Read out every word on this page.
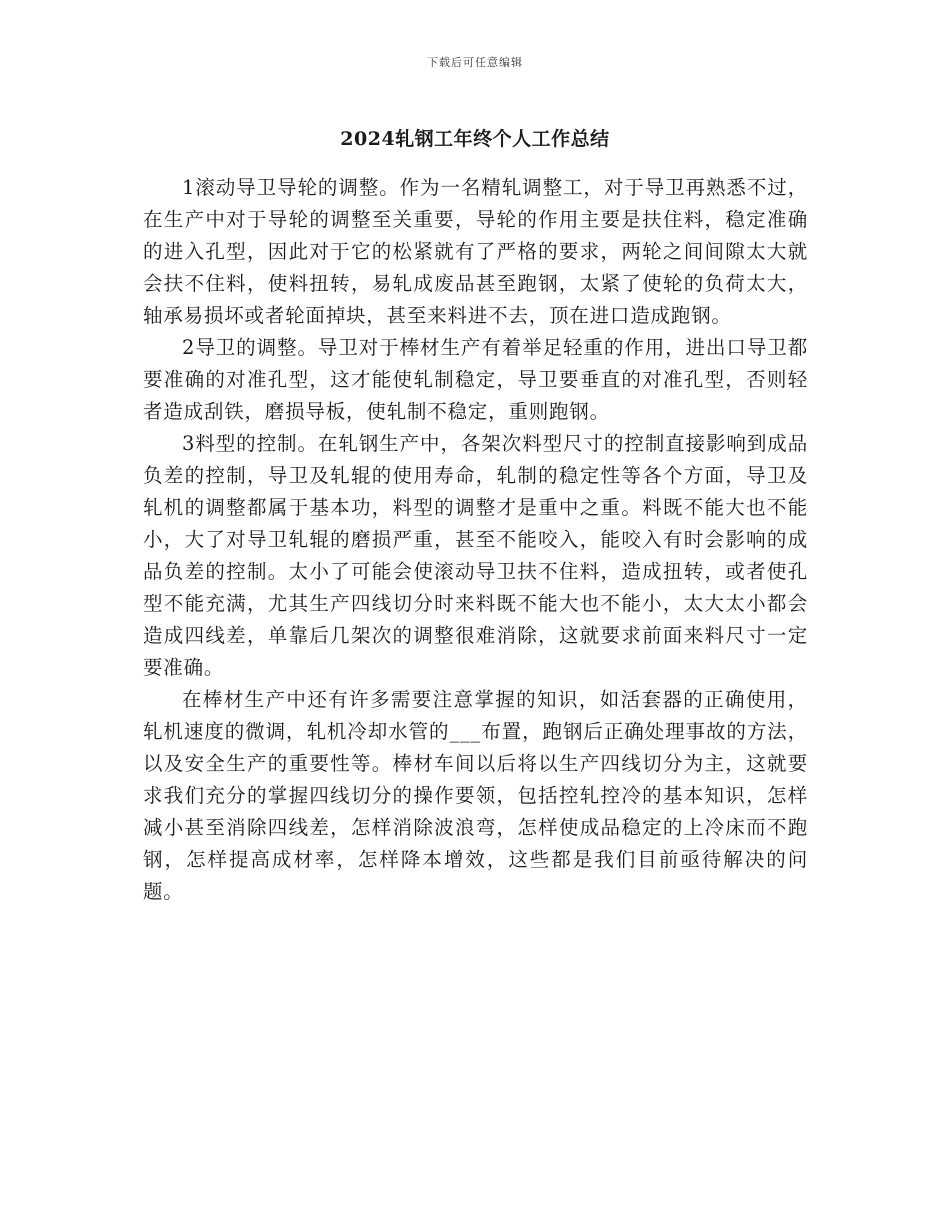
下载后可任意编辑
2024轧钢工年终个人工作总结

1滚动导卫导轮的调整。作为一名精轧调整工，对于导卫再熟悉不过，在生产中对于导轮的调整至关重要，导轮的作用主要是扶住料，稳定准确的进入孔型，因此对于它的松紧就有了严格的要求，两轮之间间隙太大就会扶不住料，使料扭转，易轧成废品甚至跑钢，太紧了使轮的负荷太大，轴承易损坏或者轮面掉块，甚至来料进不去，顶在进口造成跑钢。

2导卫的调整。导卫对于棒材生产有着举足轻重的作用，进出口导卫都要准确的对准孔型，这才能使轧制稳定，导卫要垂直的对准孔型，否则轻者造成刮铁，磨损导板，使轧制不稳定，重则跑钢。

3料型的控制。在轧钢生产中，各架次料型尺寸的控制直接影响到成品负差的控制，导卫及轧辊的使用寿命，轧制的稳定性等各个方面，导卫及轧机的调整都属于基本功，料型的调整才是重中之重。料既不能大也不能小，大了对导卫轧辊的磨损严重，甚至不能咬入，能咬入有时会影响的成品负差的控制。太小了可能会使滚动导卫扶不住料，造成扭转，或者使孔型不能充满，尤其生产四线切分时来料既不能大也不能小，太大太小都会造成四线差，单靠后几架次的调整很难消除，这就要求前面来料尺寸一定要准确。

在棒材生产中还有许多需要注意掌握的知识，如活套器的正确使用，轧机速度的微调，轧机冷却水管的___布置，跑钢后正确处理事故的方法，以及安全生产的重要性等。棒材车间以后将以生产四线切分为主，这就要求我们充分的掌握四线切分的操作要领，包括控轧控冷的基本知识，怎样减小甚至消除四线差，怎样消除波浪弯，怎样使成品稳定的上冷床而不跑钢，怎样提高成材率，怎样降本增效，这些都是我们目前亟待解决的问题。
